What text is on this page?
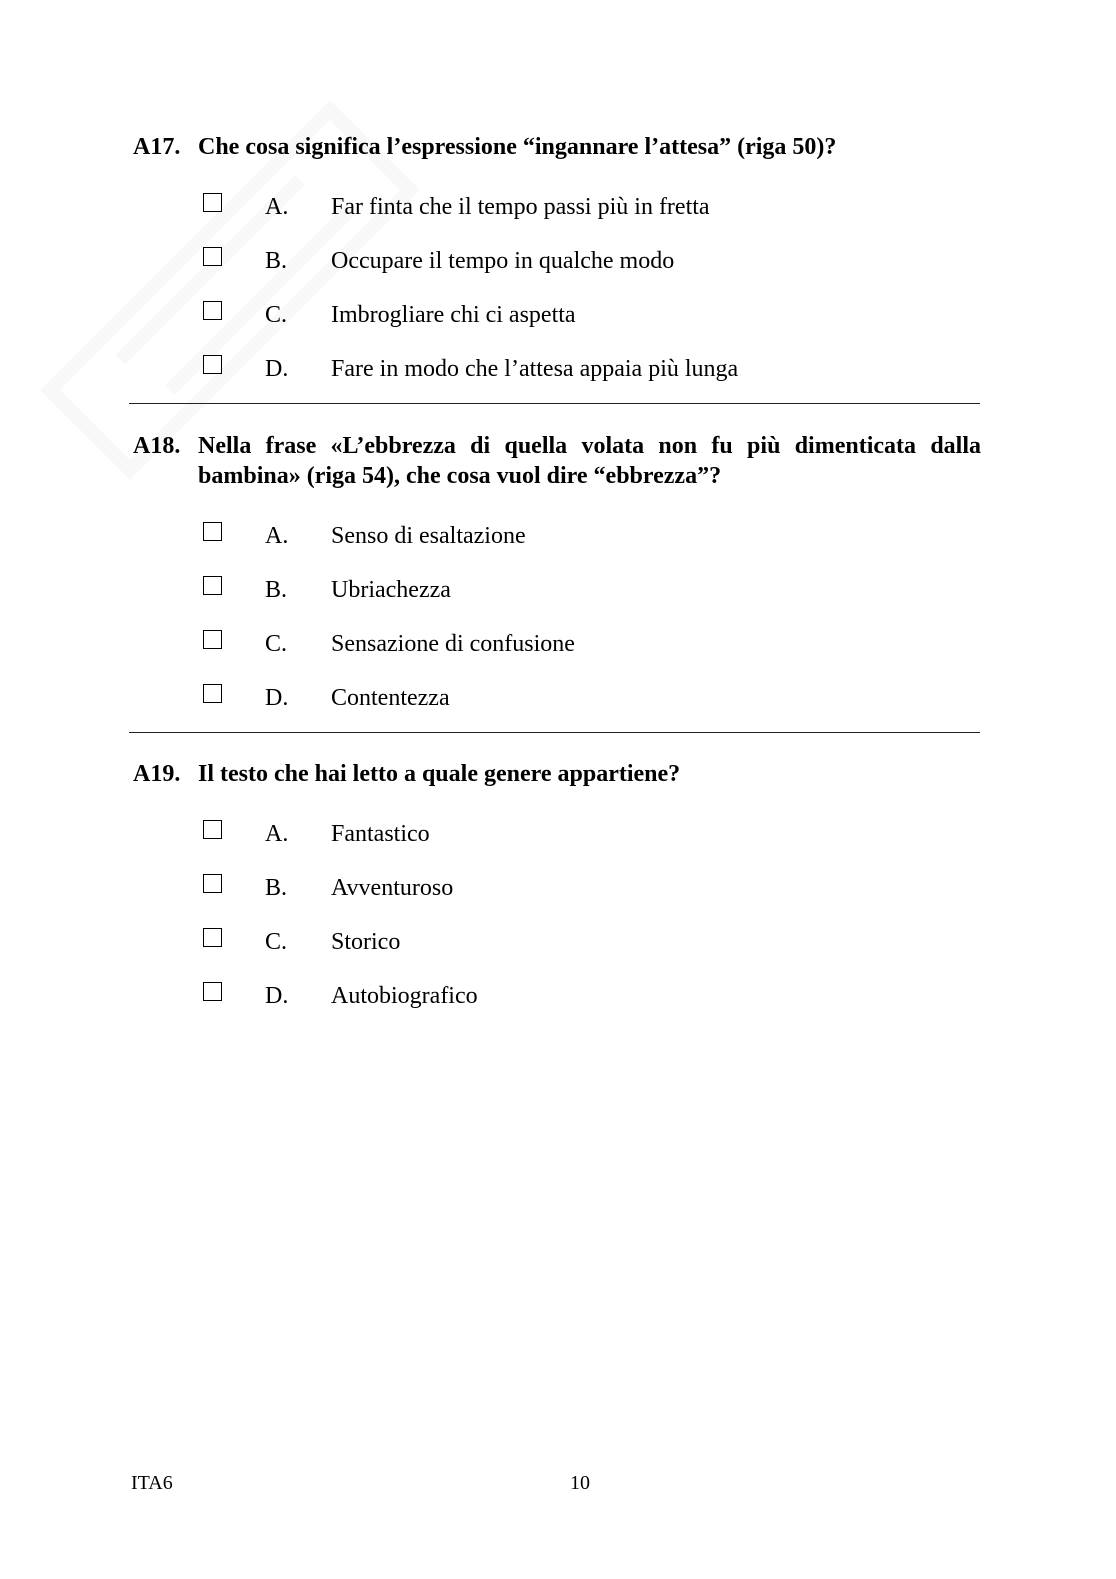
A17. Che cosa significa l’espressione “ingannare l’attesa” (riga 50)?
A.	Far finta che il tempo passi più in fretta
B.	Occupare il tempo in qualche modo
C.	Imbrogliare chi ci aspetta
D.	Fare in modo che l’attesa appaia più lunga
A18. Nella frase «L’ebbrezza di quella volata non fu più dimenticata dalla
bambina» (riga 54), che cosa vuol dire “ebbrezza”?
A.	Senso di esaltazione
B.	Ubriachezza
C.	Sensazione di confusione
D.	Contentezza
A19. Il testo che hai letto a quale genere appartiene?
A.	Fantastico
B.	Avventuroso
C.	Storico
D.	Autobiografico
ITA6	10
